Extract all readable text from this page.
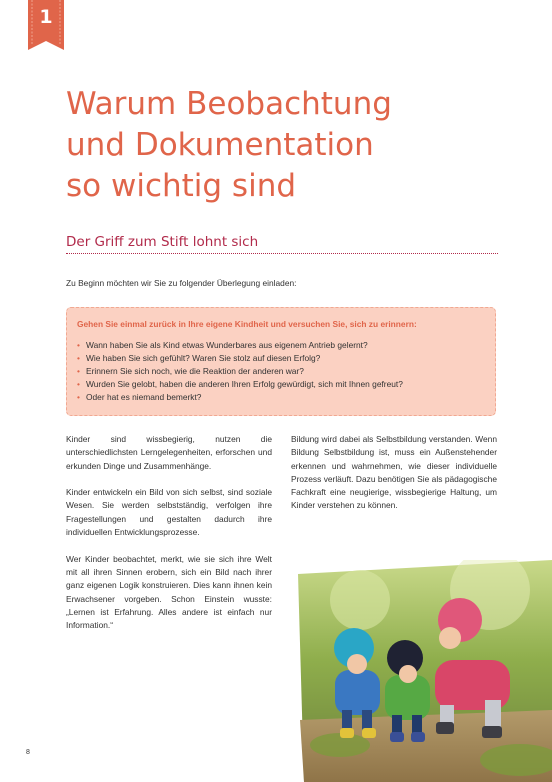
1
Warum Beobachtung
und Dokumentation
so wichtig sind
Der Griff zum Stift lohnt sich
Zu Beginn möchten wir Sie zu folgender Überlegung einladen:

Gehen Sie einmal zurück in Ihre eigene Kindheit und versuchen Sie, sich zu erinnern:

• Wann haben Sie als Kind etwas Wunderbares aus eigenem Antrieb gelernt?
• Wie haben Sie sich gefühlt? Waren Sie stolz auf diesen Erfolg?
• Erinnern Sie sich noch, wie die Reaktion der anderen war?
• Wurden Sie gelobt, haben die anderen Ihren Erfolg gewürdigt, sich mit Ihnen gefreut?
• Oder hat es niemand bemerkt?

Kinder sind wissbegierig, nutzen die unterschiedlichsten Lerngelegenheiten, erforschen und erkunden Dinge und Zusammenhänge.

Kinder entwickeln ein Bild von sich selbst, sind soziale Wesen. Sie werden selbstständig, verfolgen ihre Fragestellungen und gestalten dadurch ihre individuellen Entwicklungsprozesse.

Wer Kinder beobachtet, merkt, wie sie sich ihre Welt mit all ihren Sinnen erobern, sich ein Bild nach ihrer ganz eigenen Logik konstruieren. Dies kann ihnen kein Erwachsener vorgeben. Schon Einstein wusste: „Lernen ist Erfahrung. Alles andere ist einfach nur Information.“

Bildung wird dabei als Selbstbildung verstanden. Wenn Bildung Selbstbildung ist, muss ein Außenstehender erkennen und wahrnehmen, wie dieser individuelle Prozess verläuft. Dazu benötigen Sie als pädagogische Fachkraft eine neugierige, wissbegierige Haltung, um Kinder verstehen zu können.

8
